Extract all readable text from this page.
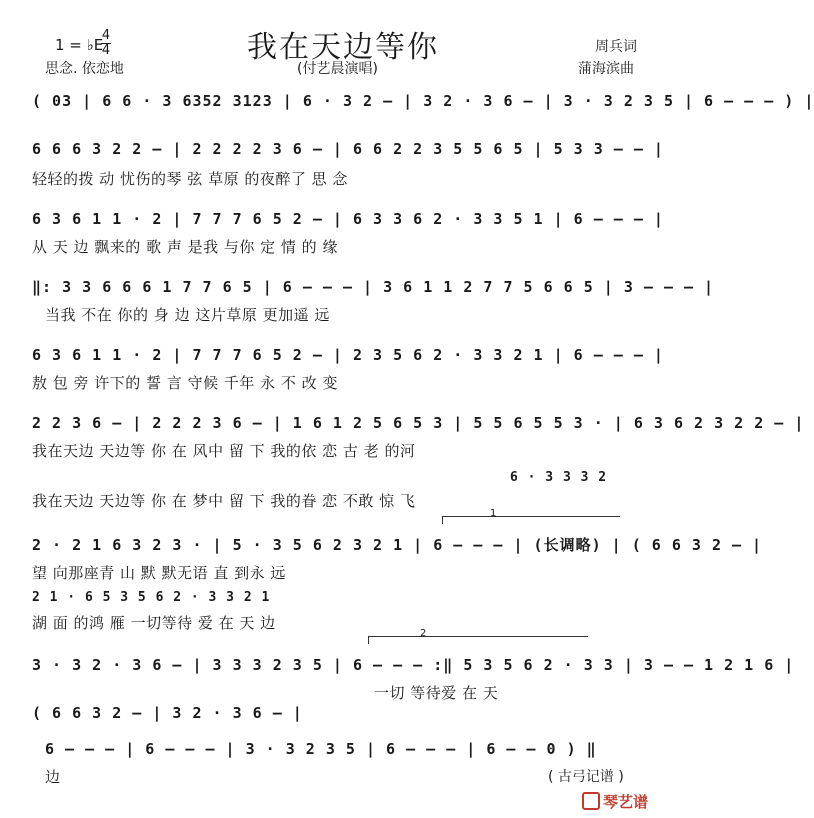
我在天边等你
1 = ♭E
4
4	周兵词
思念. 依恋地	(付艺晨演唱)	蒲海滨曲
( 03 | 6 6 · 3 6352 3123 | 6 · 3 2 – | 3 2 · 3 6 – | 3 · 3 2 3 5 | 6 – – – ) |
6 6 6 3 2 2 – | 2 2 2 2 3 6 – | 6 6 2 2 3 5 5 6 5 | 5 3 3 – – |
轻轻的拨 动 忧伤的琴 弦 草原 的夜醉了 思 念
6 3 6 1 1 · 2 | 7 7 7 6 5 2 – | 6 3 3 6 2 · 3 3 5 1 | 6 – – – |
从 天 边 飘来的 歌 声 是我 与你 定 情 的 缘
‖: 3 3 6 6 6 1 7 7 6 5 | 6 – – – | 3 6 1 1 2 7 7 5 6 6 5 | 3 – – – |
当我 不在 你的 身 边 这片草原 更加遥 远
6 3 6 1 1 · 2 | 7 7 7 6 5 2 – | 2 3 5 6 2 · 3 3 2 1 | 6 – – – |
敖 包 旁 许下的 誓 言 守候 千年 永 不 改 变
2 2 3 6 – | 2 2 2 3 6 – | 1 6 1 2 5 6 5 3 | 5 5 6 5 5 3 · | 6 3 6 2 3 2 2 – |
我在天边 天边等 你 在 风中 留 下 我的依 恋 古 老 的河
6 · 3 3 3 2
我在天边 天边等 你 在 梦中 留 下 我的眷 恋 不敢 惊 飞
1
2 · 2 1 6 3 2 3 · | 5 · 3 5 6 2 3 2 1 | 6 – – – | (长调略) | ( 6 6 3 2 – |
望 向那座青 山 默 默无语 直 到永 远
2 1 · 6 5 3 5 6 2 · 3 3 2 1
湖 面 的鸿 雁 一切等待 爱 在 天 边
2
3 · 3 2 · 3 6 – | 3 3 3 2 3 5 | 6 – – – :‖ 5 3 5 6 2 · 3 3 | 3 – – 1 2 1 6 |
一切 等待爱 在 天
( 6 6 3 2 – | 3 2 · 3 6 – |
6 – – – | 6 – – – | 3 · 3 2 3 5 | 6 – – – | 6 – – 0 ) ‖
边	( 古弓记谱 )
琴艺谱
